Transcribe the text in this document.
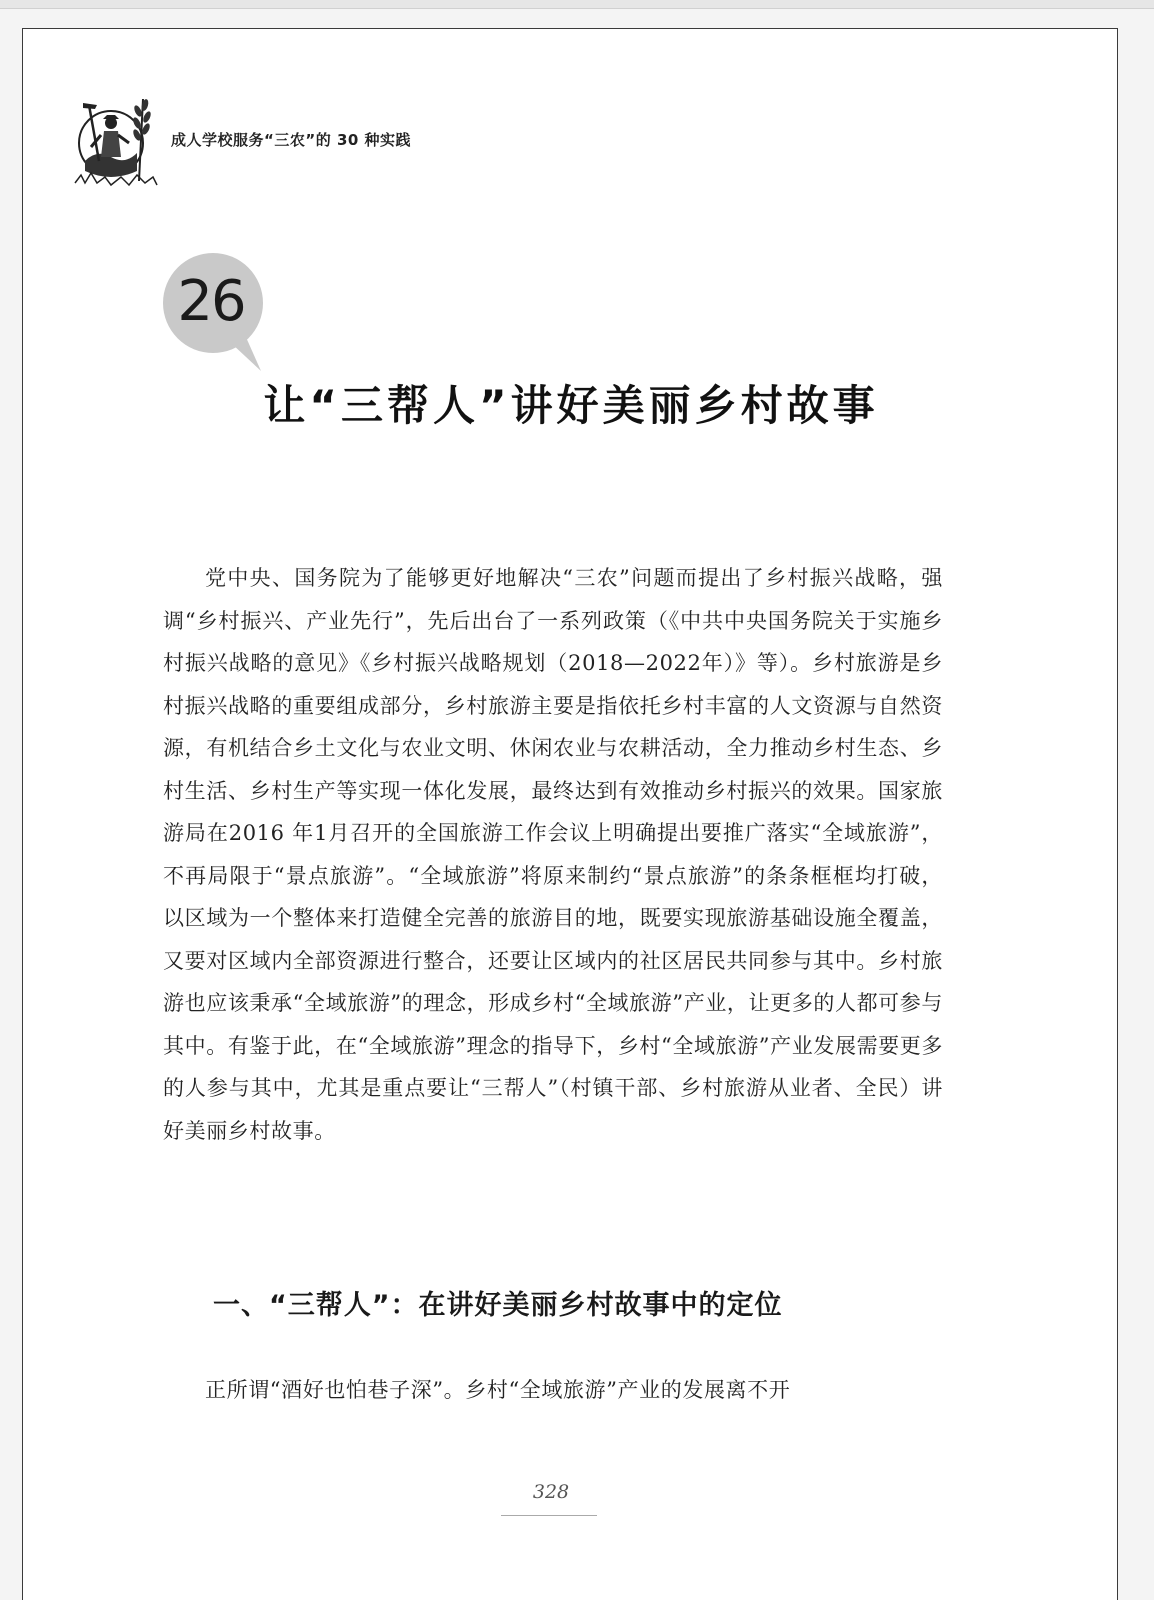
成人学校服务“三农”的 30 种实践
26
让“三帮人”讲好美丽乡村故事

党中央、国务院为了能够更好地解决“三农”问题而提出了乡村振兴战略，强调“乡村振兴、产业先行”，先后出台了一系列政策（《中共中央国务院关于实施乡村振兴战略的意见》《乡村振兴战略规划（2018—2022年）》等）。乡村旅游是乡村振兴战略的重要组成部分，乡村旅游主要是指依托乡村丰富的人文资源与自然资源，有机结合乡土文化与农业文明、休闲农业与农耕活动，全力推动乡村生态、乡村生活、乡村生产等实现一体化发展，最终达到有效推动乡村振兴的效果。国家旅游局在2016 年1月召开的全国旅游工作会议上明确提出要推广落实“全域旅游”，不再局限于“景点旅游”。“全域旅游”将原来制约“景点旅游”的条条框框均打破，以区域为一个整体来打造健全完善的旅游目的地，既要实现旅游基础设施全覆盖，又要对区域内全部资源进行整合，还要让区域内的社区居民共同参与其中。乡村旅游也应该秉承“全域旅游”的理念，形成乡村“全域旅游”产业，让更多的人都可参与其中。有鉴于此，在“全域旅游”理念的指导下，乡村“全域旅游”产业发展需要更多的人参与其中，尤其是重点要让“三帮人”（村镇干部、乡村旅游从业者、全民）讲好美丽乡村故事。

一、“三帮人”：在讲好美丽乡村故事中的定位

正所谓“酒好也怕巷子深”。乡村“全域旅游”产业的发展离不开

328
